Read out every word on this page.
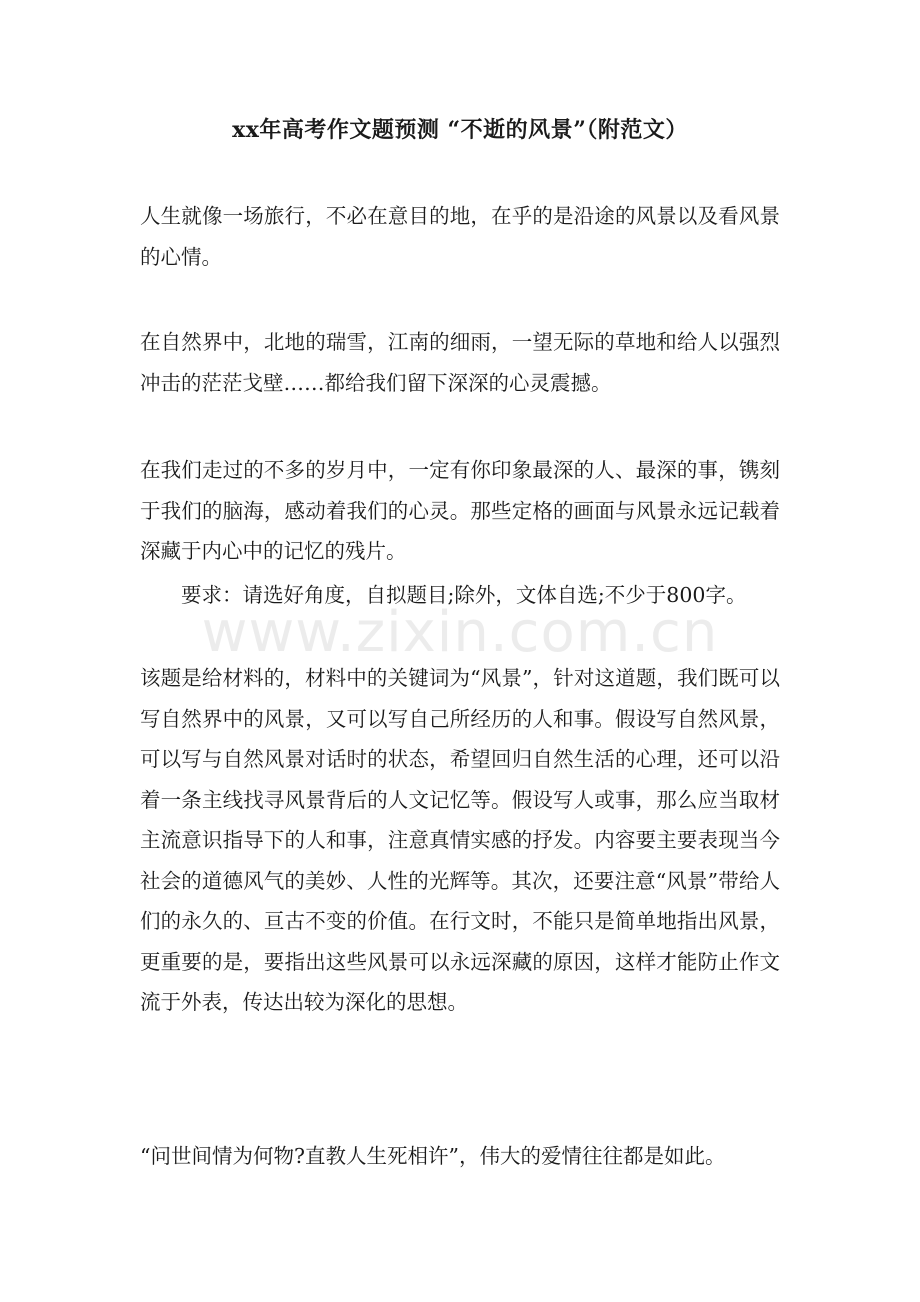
xx年高考作文题预测 “不逝的风景”（附范文）

人生就像一场旅行，不必在意目的地，在乎的是沿途的风景以及看风景的心情。

在自然界中，北地的瑞雪，江南的细雨，一望无际的草地和给人以强烈冲击的茫茫戈壁……都给我们留下深深的心灵震撼。

在我们走过的不多的岁月中，一定有你印象最深的人、最深的事，镌刻于我们的脑海，感动着我们的心灵。那些定格的画面与风景永远记载着深藏于内心中的记忆的残片。

要求：请选好角度，自拟题目;除外，文体自选;不少于800字。

该题是给材料的，材料中的关键词为“风景”，针对这道题，我们既可以写自然界中的风景，又可以写自己所经历的人和事。假设写自然风景，可以写与自然风景对话时的状态，希望回归自然生活的心理，还可以沿着一条主线找寻风景背后的人文记忆等。假设写人或事，那么应当取材主流意识指导下的人和事，注意真情实感的抒发。内容要主要表现当今社会的道德风气的美妙、人性的光辉等。其次，还要注意“风景”带给人们的永久的、亘古不变的价值。在行文时，不能只是简单地指出风景，更重要的是，要指出这些风景可以永远深藏的原因，这样才能防止作文流于外表，传达出较为深化的思想。

“问世间情为何物?直教人生死相许”，伟大的爱情往往都是如此。

www.zixin.com.cn
